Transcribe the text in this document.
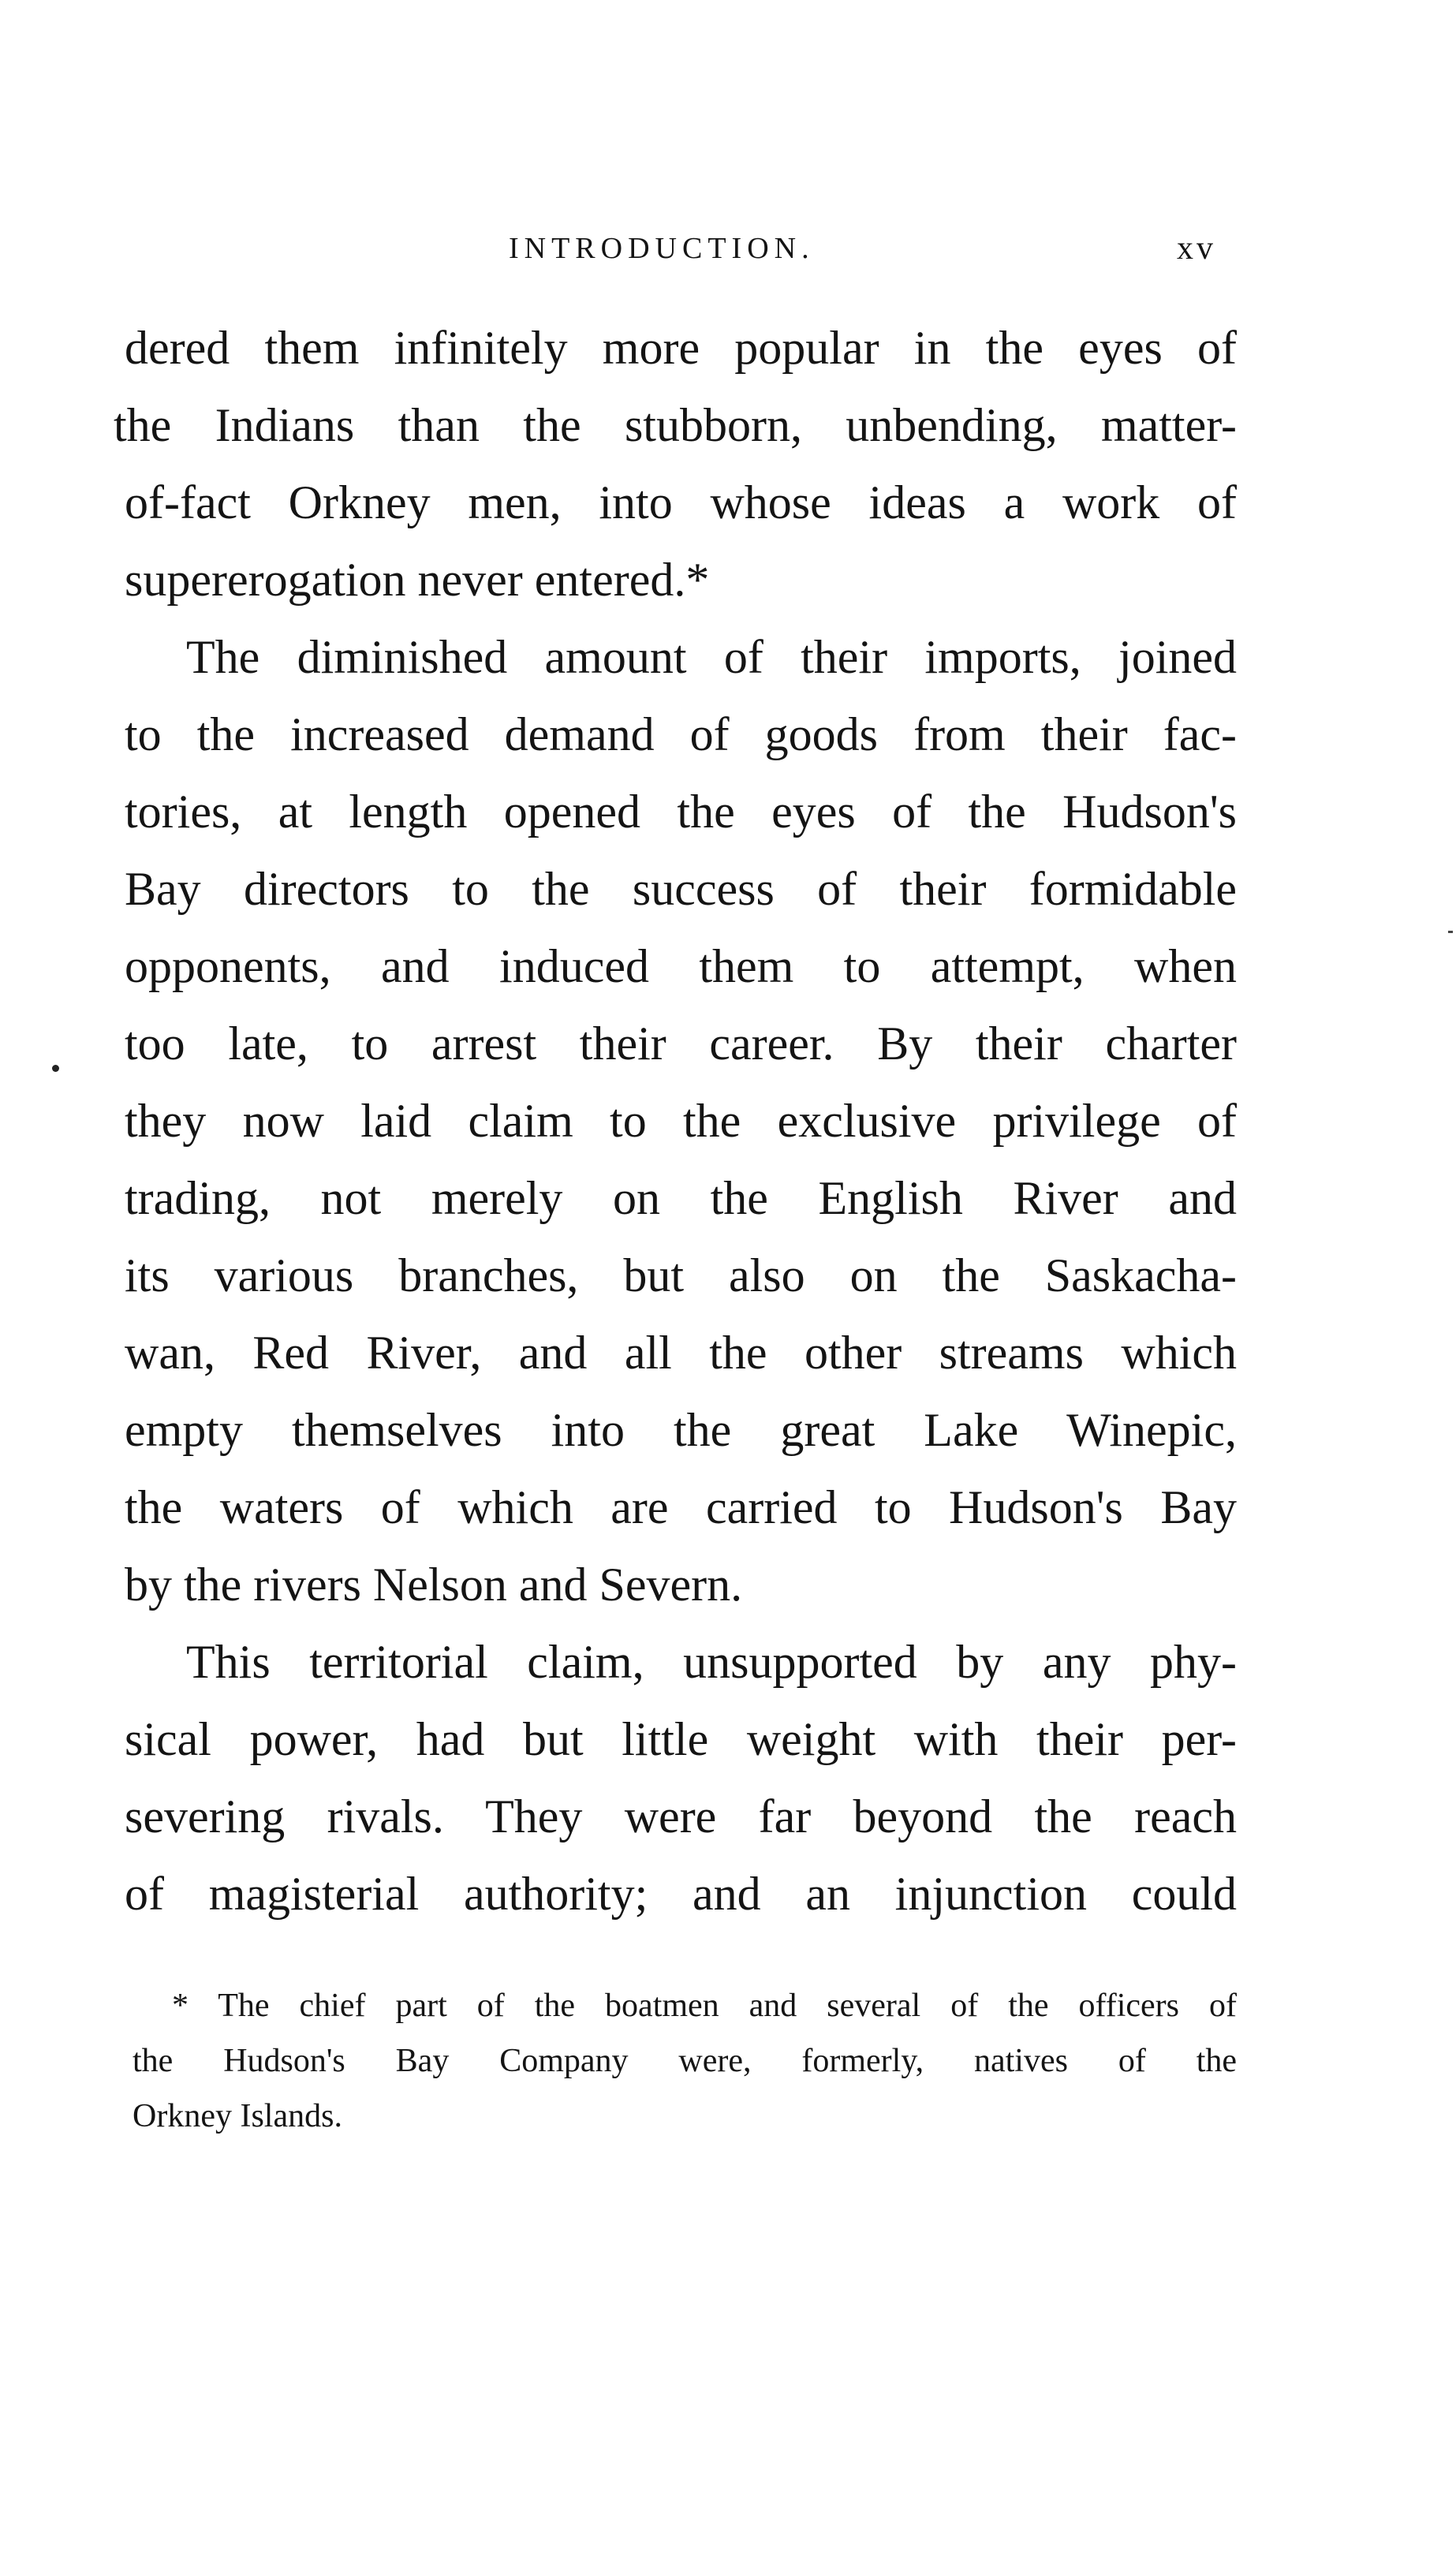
INTRODUCTION.	xv
dered them infinitely more popular in the eyes of
the Indians than the stubborn, unbending, matter-
of-fact Orkney men, into whose ideas a work of
supererogation never entered.*
The diminished amount of their imports, joined
to the increased demand of goods from their fac-
tories, at length opened the eyes of the Hudson's
Bay directors to the success of their formidable
opponents, and induced them to attempt, when
too late, to arrest their career. By their charter
they now laid claim to the exclusive privilege of
trading, not merely on the English River and
its various branches, but also on the Saskacha-
wan, Red River, and all the other streams which
empty themselves into the great Lake Winepic,
the waters of which are carried to Hudson's Bay
by the rivers Nelson and Severn.
This territorial claim, unsupported by any phy-
sical power, had but little weight with their per-
severing rivals. They were far beyond the reach
of magisterial authority; and an injunction could
* The chief part of the boatmen and several of the officers of
the Hudson's Bay Company were, formerly, natives of the
Orkney Islands.
